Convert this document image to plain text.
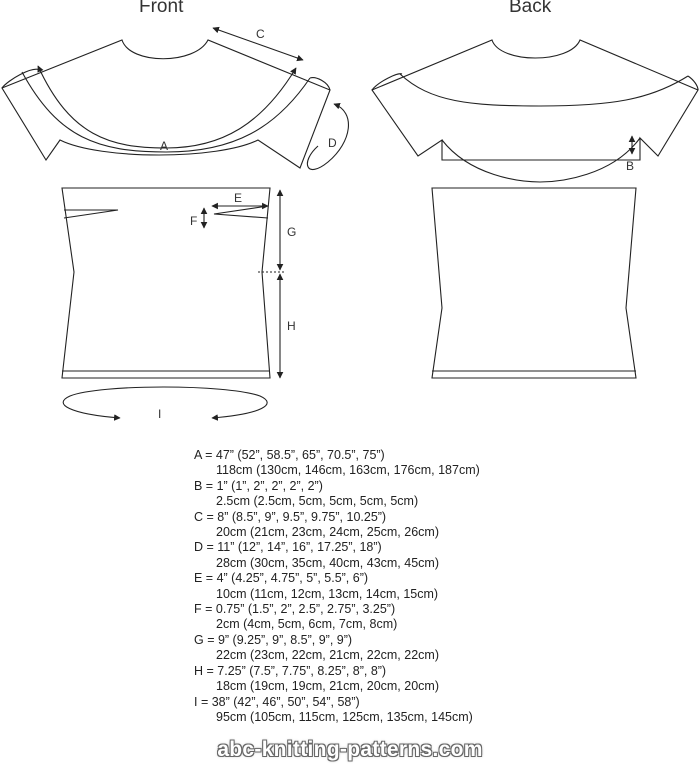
Front	Back
A
B
C
D
E
F
G
H
I
A = 47” (52”, 58.5”, 65”, 70.5”, 75”)
118cm (130cm, 146cm, 163cm, 176cm, 187cm)
B = 1” (1”, 2”, 2”, 2”, 2”)
2.5cm (2.5cm, 5cm, 5cm, 5cm, 5cm)
C = 8” (8.5”, 9”, 9.5”, 9.75”, 10.25”)
20cm (21cm, 23cm, 24cm, 25cm, 26cm)
D = 11” (12”, 14”, 16”, 17.25”, 18”)
28cm (30cm, 35cm, 40cm, 43cm, 45cm)
E = 4” (4.25”, 4.75”, 5”, 5.5”, 6”)
10cm (11cm, 12cm, 13cm, 14cm, 15cm)
F = 0.75” (1.5”, 2”, 2.5”, 2.75”, 3.25”)
2cm (4cm, 5cm, 6cm, 7cm, 8cm)
G = 9” (9.25”, 9”, 8.5”, 9”, 9”)
22cm (23cm, 22cm, 21cm, 22cm, 22cm)
H = 7.25” (7.5”, 7.75”, 8.25”, 8”, 8”)
18cm (19cm, 19cm, 21cm, 20cm, 20cm)
I = 38” (42”, 46”, 50”, 54”, 58”)
95cm (105cm, 115cm, 125cm, 135cm, 145cm)
abc-knitting-patterns.com
